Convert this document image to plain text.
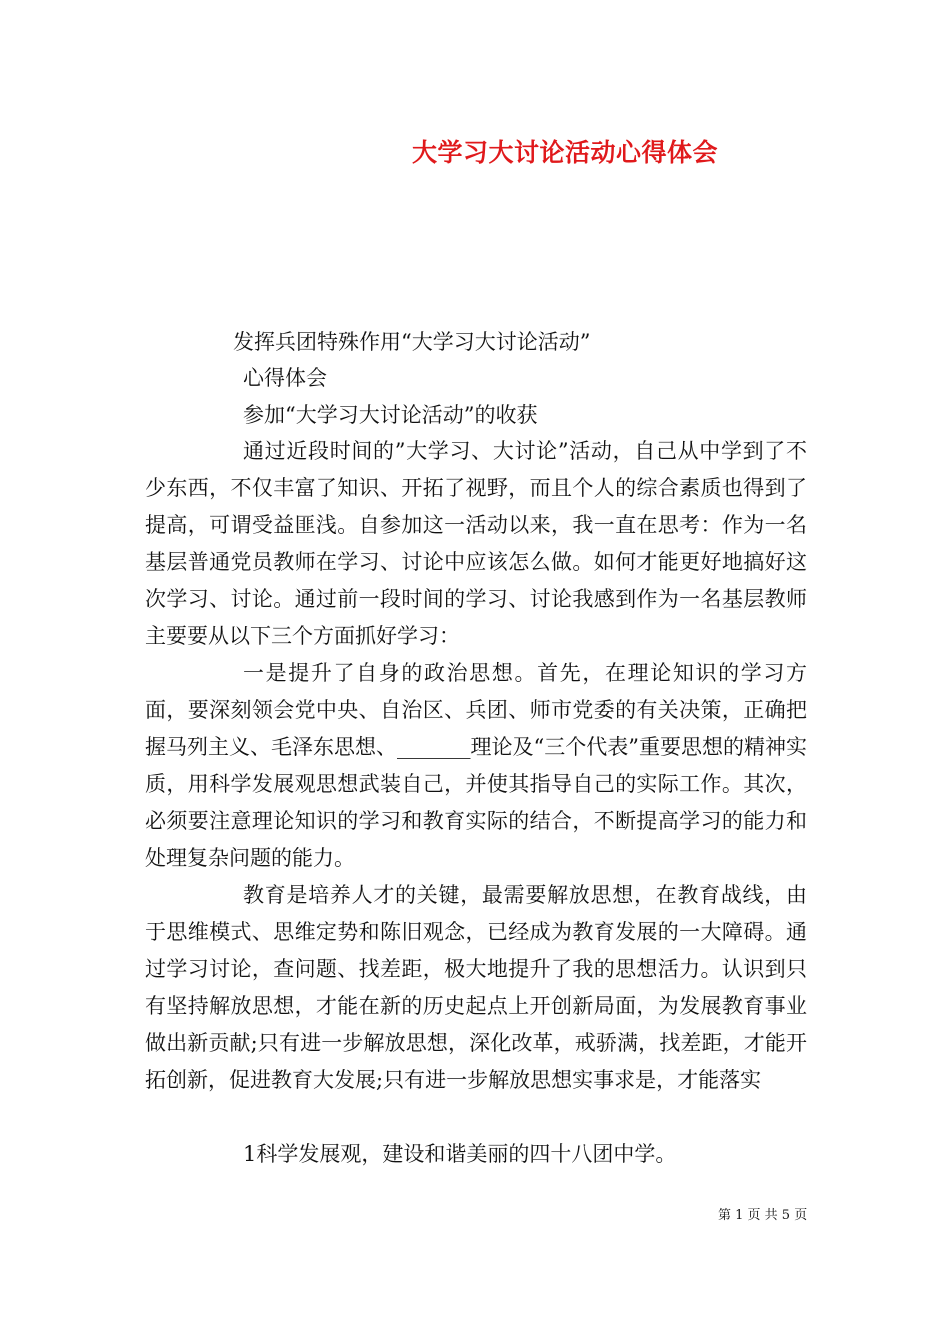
大学习大讨论活动心得体会
发挥兵团特殊作用“大学习大讨论活动”
心得体会
参加“大学习大讨论活动”的收获

通过近段时间的”大学习、大讨论”活动，自己从中学到了不少东西，不仅丰富了知识、开拓了视野，而且个人的综合素质也得到了提高，可谓受益匪浅。自参加这一活动以来，我一直在思考：作为一名基层普通党员教师在学习、讨论中应该怎么做。如何才能更好地搞好这次学习、讨论。通过前一段时间的学习、讨论我感到作为一名基层教师主要要从以下三个方面抓好学习：

一是提升了自身的政治思想。首先，在理论知识的学习方面，要深刻领会党中央、自治区、兵团、师市党委的有关决策，正确把握马列主义、毛泽东思想、_______理论及“三个代表”重要思想的精神实质，用科学发展观思想武装自己，并使其指导自己的实际工作。其次，必须要注意理论知识的学习和教育实际的结合，不断提高学习的能力和处理复杂问题的能力。

教育是培养人才的关键，最需要解放思想，在教育战线，由于思维模式、思维定势和陈旧观念，已经成为教育发展的一大障碍。通过学习讨论，查问题、找差距，极大地提升了我的思想活力。认识到只有坚持解放思想，才能在新的历史起点上开创新局面，为发展教育事业做出新贡献;只有进一步解放思想，深化改革，戒骄满，找差距，才能开拓创新，促进教育大发展;只有进一步解放思想实事求是，才能落实

1科学发展观，建设和谐美丽的四十八团中学。
第 1 页 共 5 页
